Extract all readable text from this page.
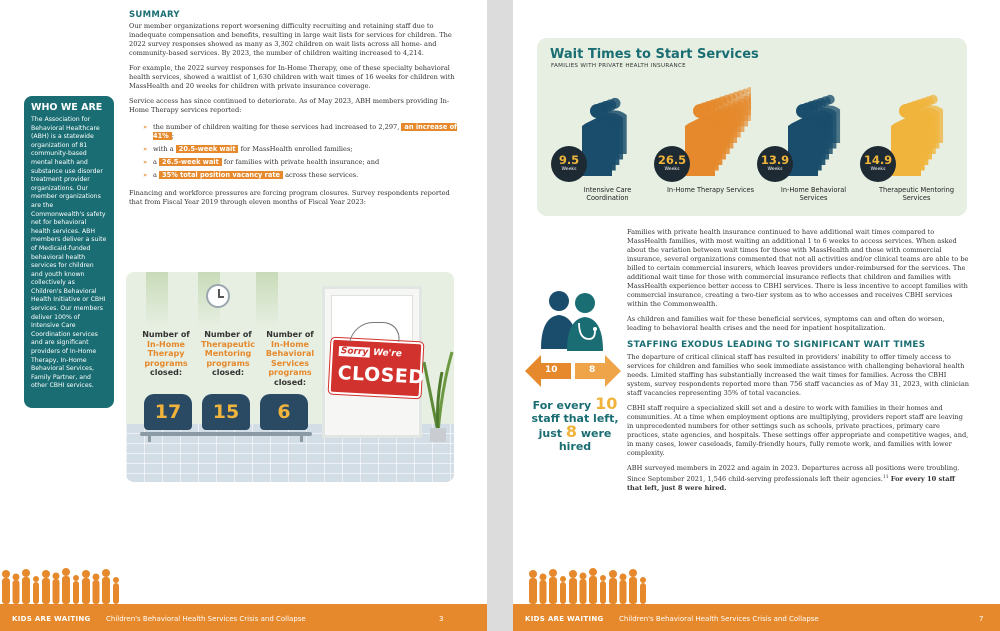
WHO WE ARE
The Association for Behavioral Healthcare (ABH) is a statewide organization of 81 community-based mental health and substance use disorder treatment provider organizations. Our member organizations are the Commonwealth's safety net for behavioral health services. ABH members deliver a suite of Medicaid-funded behavioral health services for children and youth known collectively as Children's Behavioral Health Initiative or CBHI services. Our members deliver 100% of Intensive Care Coordination services and are significant providers of In-Home Therapy, In-Home Behavioral Services, Family Partner, and other CBHI services.
SUMMARY

Our member organizations report worsening difficulty recruiting and retaining staff due to inadequate compensation and benefits, resulting in large wait lists for services for children. The 2022 survey responses showed as many as 3,302 children on wait lists across all home- and community-based services. By 2023, the number of children waiting increased to 4,214.

For example, the 2022 survey responses for In-Home Therapy, one of these specialty behavioral health services, showed a waitlist of 1,630 children with wait times of 16 weeks for children with MassHealth and 20 weeks for children with private insurance coverage.

Service access has since continued to deteriorate. As of May 2023, ABH members providing In-Home Therapy services reported:

» the number of children waiting for these services had increased to 2,297, an increase of 41% ;
» with a 20.5-week wait for MassHealth enrolled families;
» a 26.5-week wait for families with private health insurance; and
» a 35% total position vacancy rate across these services.

Financing and workforce pressures are forcing program closures. Survey respondents reported that from Fiscal Year 2019 through eleven months of Fiscal Year 2023:

Sorry We're
CLOSED
Number of
In-Home Therapy programs
closed:
Number of
Therapeutic Mentoring programs
closed:
Number of
In-Home Behavioral Services programs
closed:
17	15	6
KIDS ARE WAITING Children's Behavioral Health Services Crisis and Collapse	3
Wait Times to Start Services
FAMILIES WITH PRIVATE HEALTH INSURANCE
9.5
Weeks
Intensive Care Coordination
26.5
Weeks
In-Home Therapy Services
13.9
Weeks
In-Home Behavioral Services
14.9
Weeks
Therapeutic Mentoring Services

Families with private health insurance continued to have additional wait times compared to MassHealth families, with most waiting an additional 1 to 6 weeks to access services. When asked about the variation between wait times for those with MassHealth and those with commercial insurance, several organizations commented that not all activities and/or clinical teams are able to be billed to certain commercial insurers, which leaves providers under-reimbursed for the services. The additional wait time for those with commercial insurance reflects that children and families with MassHealth experience better access to CBHI services. There is less incentive to accept families with commercial insurance, creating a two-tier system as to who accesses and receives CBHI services within the Commonwealth.

As children and families wait for these beneficial services, symptoms can and often do worsen, leading to behavioral health crises and the need for inpatient hospitalization.

STAFFING EXODUS LEADING TO SIGNIFICANT WAIT TIMES

The departure of critical clinical staff has resulted in providers' inability to offer timely access to services for children and families who seek immediate assistance with challenging behavioral health needs. Limited staffing has substantially increased the wait times for families. Across the CBHI system, survey respondents reported more than 756 staff vacancies as of May 31, 2023, with clinician staff vacancies representing 35% of total vacancies.

CBHI staff require a specialized skill set and a desire to work with families in their homes and communities. At a time when employment options are multiplying, providers report staff are leaving in unprecedented numbers for other settings such as schools, private practices, primary care practices, state agencies, and hospitals. These settings offer appropriate and competitive wages, and, in many cases, lower caseloads, family-friendly hours, fully remote work, and families with lower complexity.

ABH surveyed members in 2022 and again in 2023. Departures across all positions were troubling. Since September 2021, 1,546 child-serving professionals left their agencies.$^{11}$ For every 10 staff that left, just 8 were hired.

10	8
For every 10
staff that left,
just 8 were
hired
KIDS ARE WAITING Children's Behavioral Health Services Crisis and Collapse	7
